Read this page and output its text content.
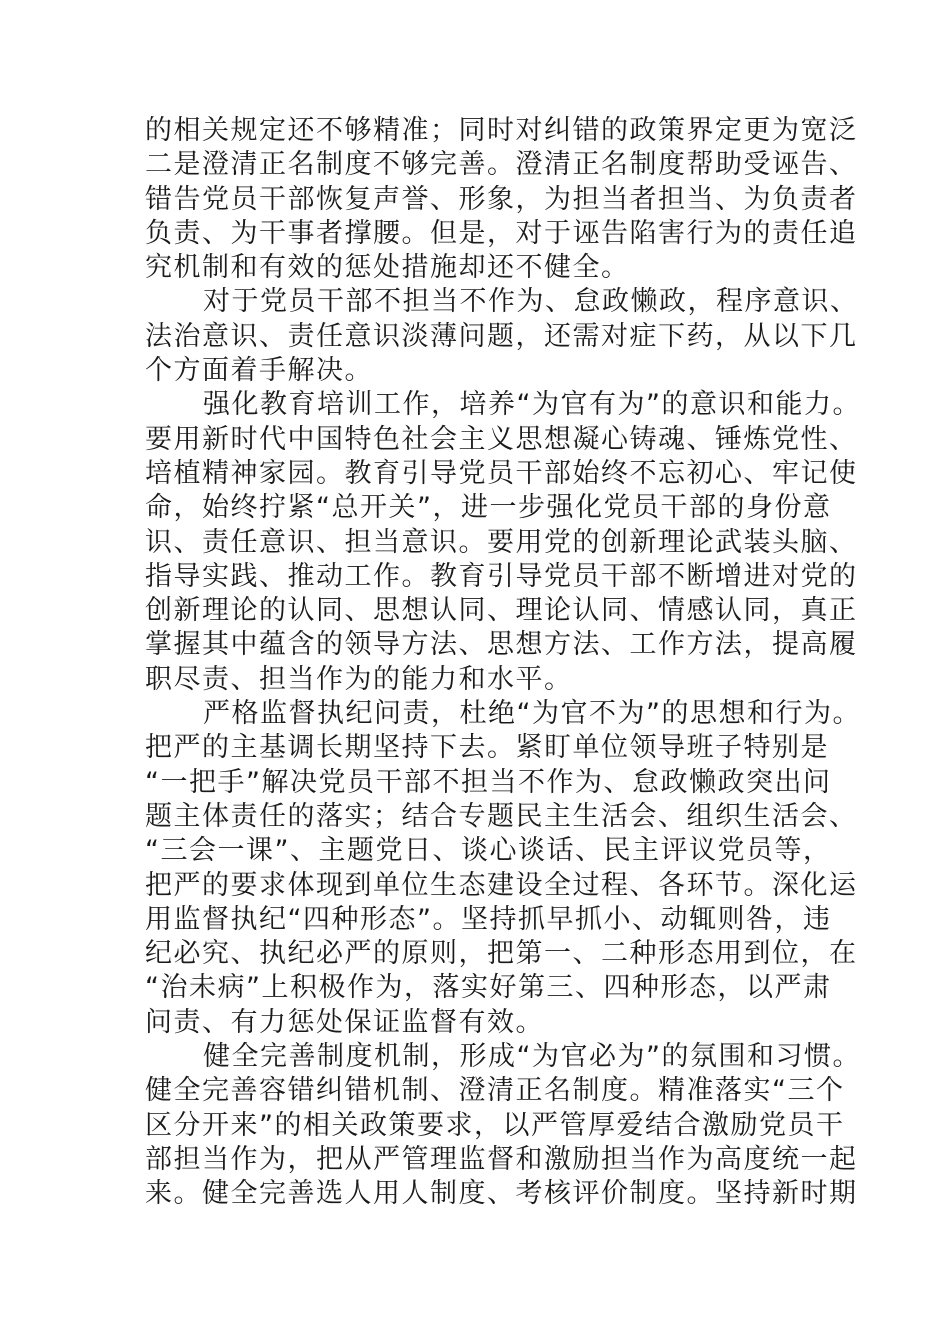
的相关规定还不够精准；同时对纠错的政策界定更为宽泛
二是澄清正名制度不够完善。澄清正名制度帮助受诬告、
错告党员干部恢复声誉、形象，为担当者担当、为负责者
负责、为干事者撑腰。但是，对于诬告陷害行为的责任追
究机制和有效的惩处措施却还不健全。
对于党员干部不担当不作为、怠政懒政，程序意识、
法治意识、责任意识淡薄问题，还需对症下药，从以下几
个方面着手解决。
强化教育培训工作，培养“为官有为”的意识和能力。
要用新时代中国特色社会主义思想凝心铸魂、锤炼党性、
培植精神家园。教育引导党员干部始终不忘初心、牢记使
命，始终拧紧“总开关”，进一步强化党员干部的身份意
识、责任意识、担当意识。要用党的创新理论武装头脑、
指导实践、推动工作。教育引导党员干部不断增进对党的
创新理论的认同、思想认同、理论认同、情感认同，真正
掌握其中蕴含的领导方法、思想方法、工作方法，提高履
职尽责、担当作为的能力和水平。
严格监督执纪问责，杜绝“为官不为”的思想和行为。
把严的主基调长期坚持下去。紧盯单位领导班子特别是
“一把手”解决党员干部不担当不作为、怠政懒政突出问
题主体责任的落实；结合专题民主生活会、组织生活会、
“三会一课”、主题党日、谈心谈话、民主评议党员等，
把严的要求体现到单位生态建设全过程、各环节。深化运
用监督执纪“四种形态”。坚持抓早抓小、动辄则咎，违
纪必究、执纪必严的原则，把第一、二种形态用到位，在
“治未病”上积极作为，落实好第三、四种形态，以严肃
问责、有力惩处保证监督有效。
健全完善制度机制，形成“为官必为”的氛围和习惯。
健全完善容错纠错机制、澄清正名制度。精准落实“三个
区分开来”的相关政策要求，以严管厚爱结合激励党员干
部担当作为，把从严管理监督和激励担当作为高度统一起
来。健全完善选人用人制度、考核评价制度。坚持新时期
